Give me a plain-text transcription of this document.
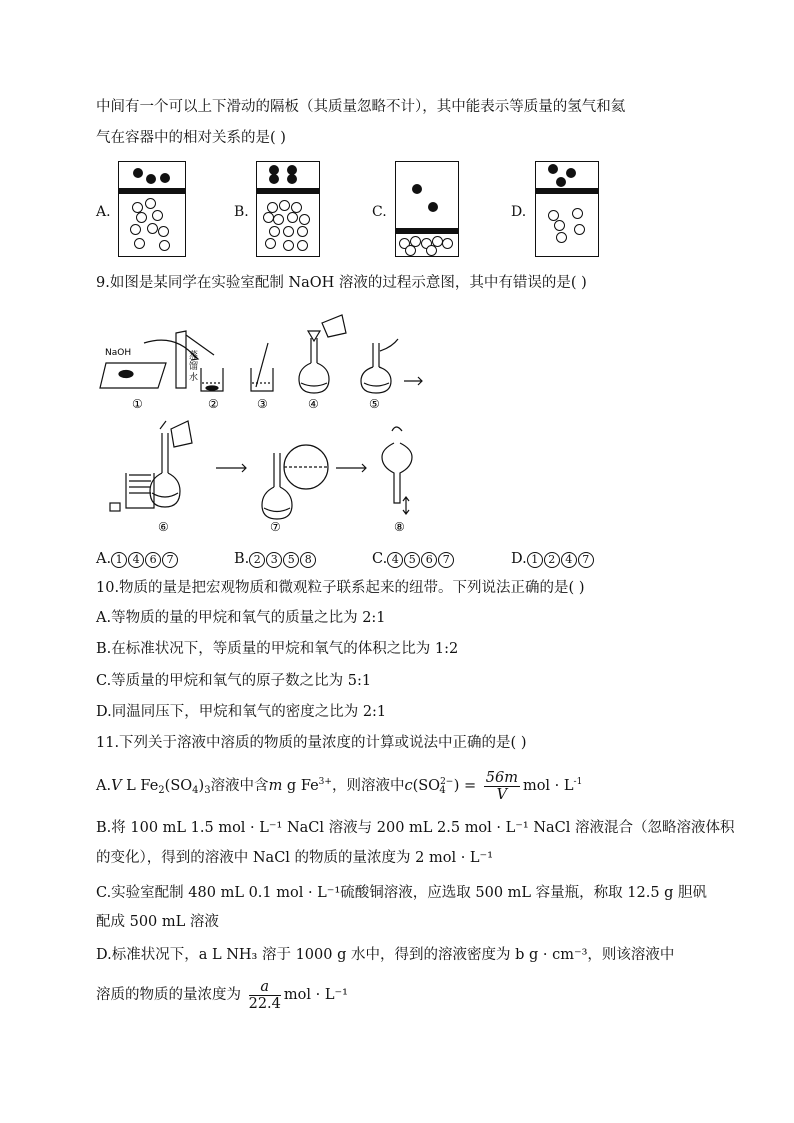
中间有一个可以上下滑动的隔板（其质量忽略不计），其中能表示等质量的氢气和氦
气在容器中的相对关系的是( )
A.	B.	C.	D.
9.如图是某同学在实验室配制 NaOH 溶液的过程示意图，其中有错误的是( )
NaOH	蒸
馏
水
①	②	③	④	⑤
⑥	⑦	⑧
A. 1 4 6 7	B. 2 3 5 8	C. 4 5 6 7	D. 1 2 4 7
10.物质的量是把宏观物质和微观粒子联系起来的纽带。下列说法正确的是( )
A.等物质的量的甲烷和氧气的质量之比为 2:1
B.在标准状况下，等质量的甲烷和氧气的体积之比为 1:2
C.等质量的甲烷和氧气的原子数之比为 5:1
D.同温同压下，甲烷和氧气的密度之比为 2:1
11.下列关于溶液中溶质的物质的量浓度的计算或说法中正确的是( )
A.V L $Fe_2(SO_4)_3$溶液中含m g $Fe^{3+}$，则溶液中$c(SO^{2-}_4$ ) = $\frac{56m}{V}$ mol · $L^{-1}$
B.将 100 mL 1.5 mol · L⁻¹ NaCl 溶液与 200 mL 2.5 mol · L⁻¹ NaCl 溶液混合（忽略溶液体积
的变化），得到的溶液中 NaCl 的物质的量浓度为 2 mol · L⁻¹
C.实验室配制 480 mL 0.1 mol · L⁻¹硫酸铜溶液，应选取 500 mL 容量瓶，称取 12.5 g 胆矾
配成 500 mL 溶液
D.标准状况下，a L NH₃ 溶于 1000 g 水中，得到的溶液密度为 b g · cm⁻³，则该溶液中
溶质的物质的量浓度为 $\frac{a}{22.4}$ mol · L⁻¹
